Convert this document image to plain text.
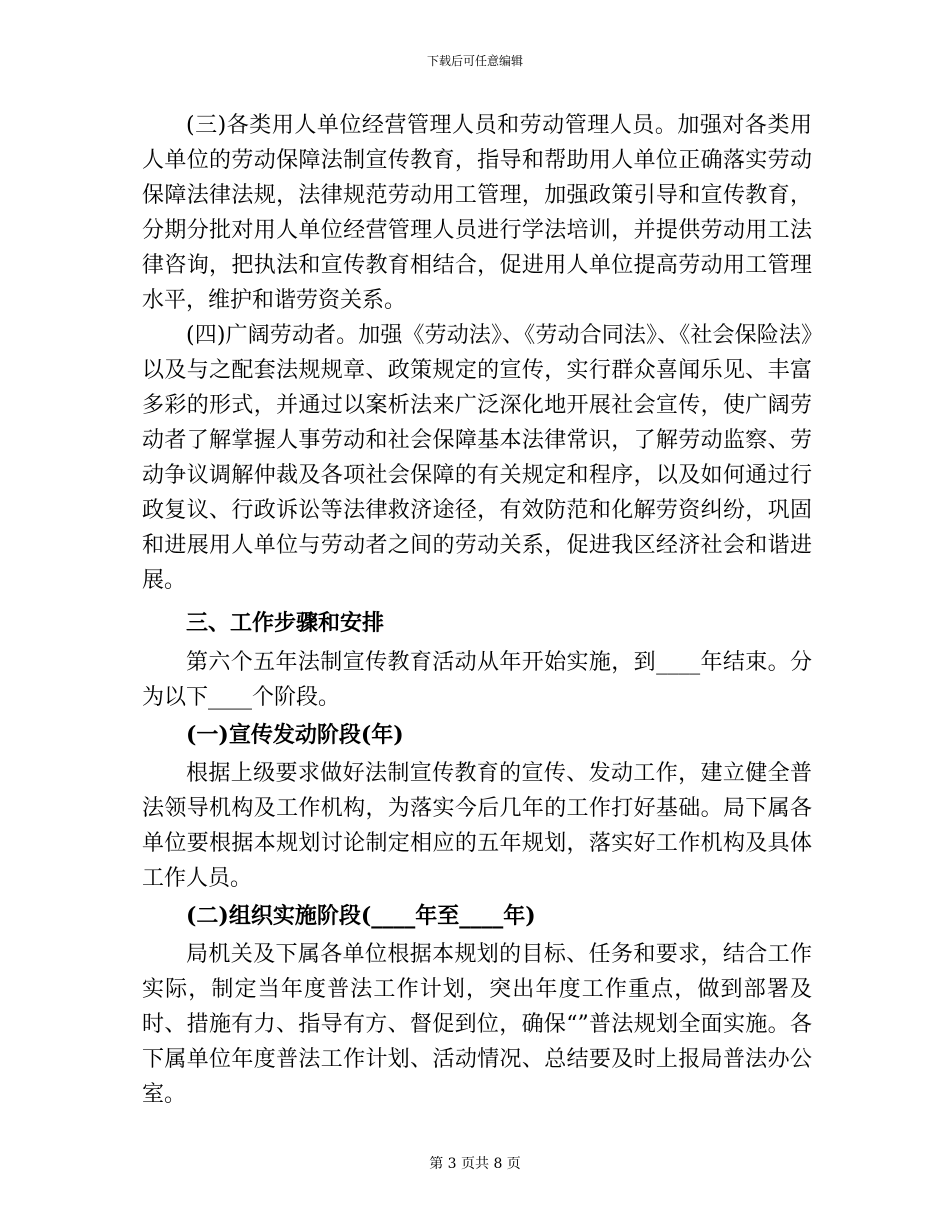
下载后可任意编辑

(三)各类用人单位经营管理人员和劳动管理人员。加强对各类用人单位的劳动保障法制宣传教育，指导和帮助用人单位正确落实劳动保障法律法规，法律规范劳动用工管理，加强政策引导和宣传教育，分期分批对用人单位经营管理人员进行学法培训，并提供劳动用工法律咨询，把执法和宣传教育相结合，促进用人单位提高劳动用工管理水平，维护和谐劳资关系。

(四)广阔劳动者。加强《劳动法》、《劳动合同法》、《社会保险法》以及与之配套法规规章、政策规定的宣传，实行群众喜闻乐见、丰富多彩的形式，并通过以案析法来广泛深化地开展社会宣传，使广阔劳动者了解掌握人事劳动和社会保障基本法律常识，了解劳动监察、劳动争议调解仲裁及各项社会保障的有关规定和程序，以及如何通过行政复议、行政诉讼等法律救济途径，有效防范和化解劳资纠纷，巩固和进展用人单位与劳动者之间的劳动关系，促进我区经济社会和谐进展。

三、工作步骤和安排

第六个五年法制宣传教育活动从年开始实施，到____年结束。分为以下____个阶段。

(一)宣传发动阶段(年)

根据上级要求做好法制宣传教育的宣传、发动工作，建立健全普法领导机构及工作机构，为落实今后几年的工作打好基础。局下属各单位要根据本规划讨论制定相应的五年规划，落实好工作机构及具体工作人员。

(二)组织实施阶段(____年至____年)

局机关及下属各单位根据本规划的目标、任务和要求，结合工作实际，制定当年度普法工作计划，突出年度工作重点，做到部署及时、措施有力、指导有方、督促到位，确保“”普法规划全面实施。各下属单位年度普法工作计划、活动情况、总结要及时上报局普法办公室。

第 3 页共 8 页
